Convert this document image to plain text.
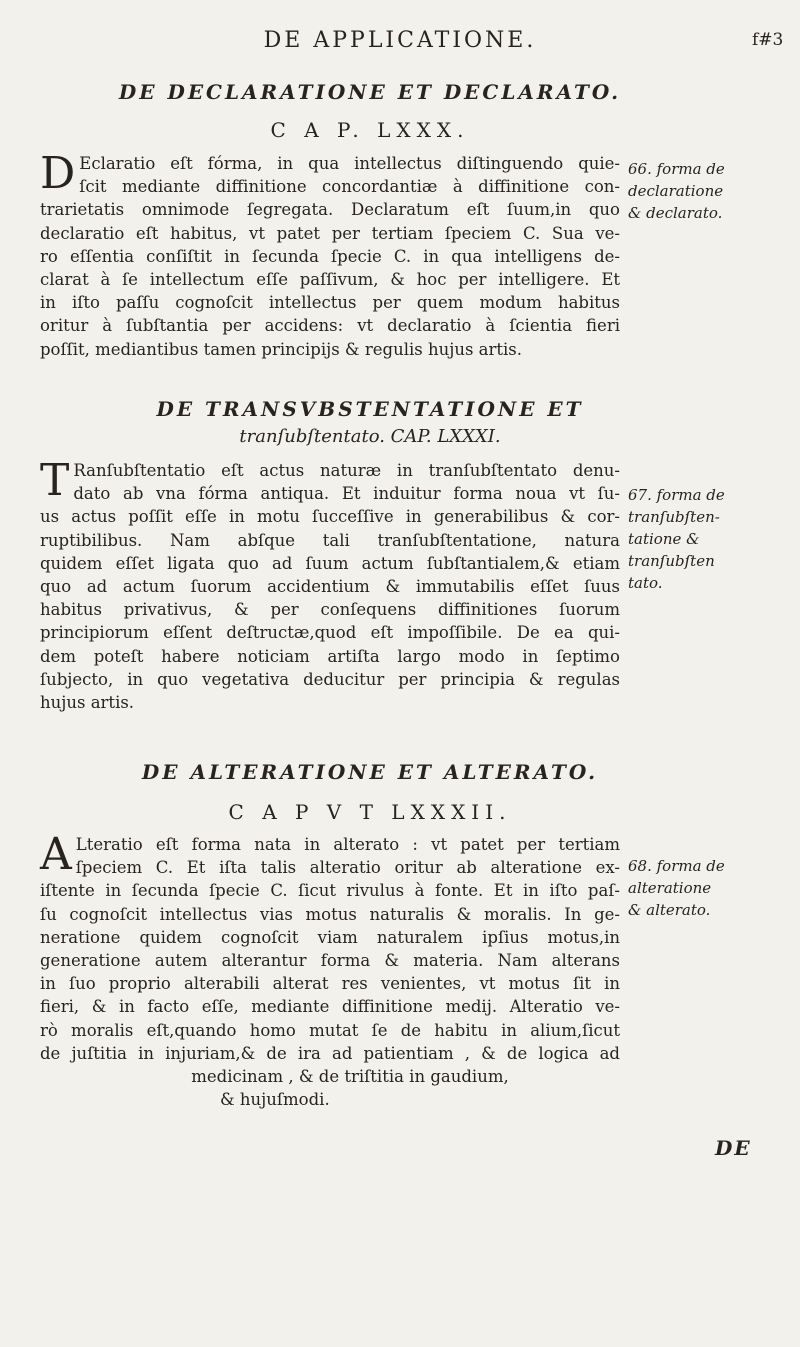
DE APPLICATIONE.	f#3
DE DECLARATIONE ET DECLARATO.
C A P. LXXX.
D Eclaratio eſt fórma, in qua intellectus diſtinguendo quie-
ſcit mediante diffinitione concordantiæ à diffinitione con-
trarietatis omnimode ſegregata. Declaratum eſt ſuum,in quo
declaratio eſt habitus, vt patet per tertiam ſpeciem C. Sua ve-
ro eſſentia conſiſtit in ſecunda ſpecie C. in qua intelligens de-
clarat à ſe intellectum eſſe paſſivum, & hoc per intelligere. Et
in iſto paſſu cognoſcit intellectus per quem modum habitus
oritur à ſubſtantia per accidens: vt declaratio à ſcientia fieri
poſſit, mediantibus tamen principijs & regulis hujus artis.
66. forma de
declaratione
& declarato.
DE TRANSVBSTENTATIONE ET
tranſubſtentato. CAP. LXXXI.
T Ranſubſtentatio eſt actus naturæ in tranſubſtentato denu-
dato ab vna fórma antiqua. Et induitur forma noua vt ſu-
us actus poſſit eſſe in motu ſucceſſive in generabilibus & cor-
ruptibilibus. Nam abſque tali tranſubſtentatione, natura
quidem eſſet ligata quo ad ſuum actum ſubſtantialem,& etiam
quo ad actum ſuorum accidentium & immutabilis eſſet ſuus
habitus privativus, & per conſequens diffinitiones ſuorum
principiorum eſſent deſtructæ,quod eſt impoſſibile. De ea qui-
dem poteſt habere noticiam artiſta largo modo in ſeptimo
ſubjecto, in quo vegetativa deducitur per principia & regulas
hujus artis.
67. forma de
tranſubſten-
tatione &
tranſubſten
tato.
DE ALTERATIONE ET ALTERATO.
C A P V T LXXXII.
A Lteratio eſt forma nata in alterato : vt patet per tertiam
ſpeciem C. Et iſta talis alteratio oritur ab alteratione ex-
iſtente in ſecunda ſpecie C. ſicut rivulus à fonte. Et in iſto paſ-
ſu cognoſcit intellectus vias motus naturalis & moralis. In ge-
neratione quidem cognoſcit viam naturalem ipſius motus,in
generatione autem alterantur forma & materia. Nam alterans
in ſuo proprio alterabili alterat res venientes, vt motus ſit in
fieri, & in facto eſſe, mediante diffinitione medij. Alteratio ve-
rò moralis eſt,quando homo mutat ſe de habitu in alium,ſicut
de juſtitia in injuriam,& de ira ad patientiam , & de logica ad
medicinam , & de triſtitia in gaudium,
& hujuſmodi.
68. forma de
alteratione
& alterato.
DE
